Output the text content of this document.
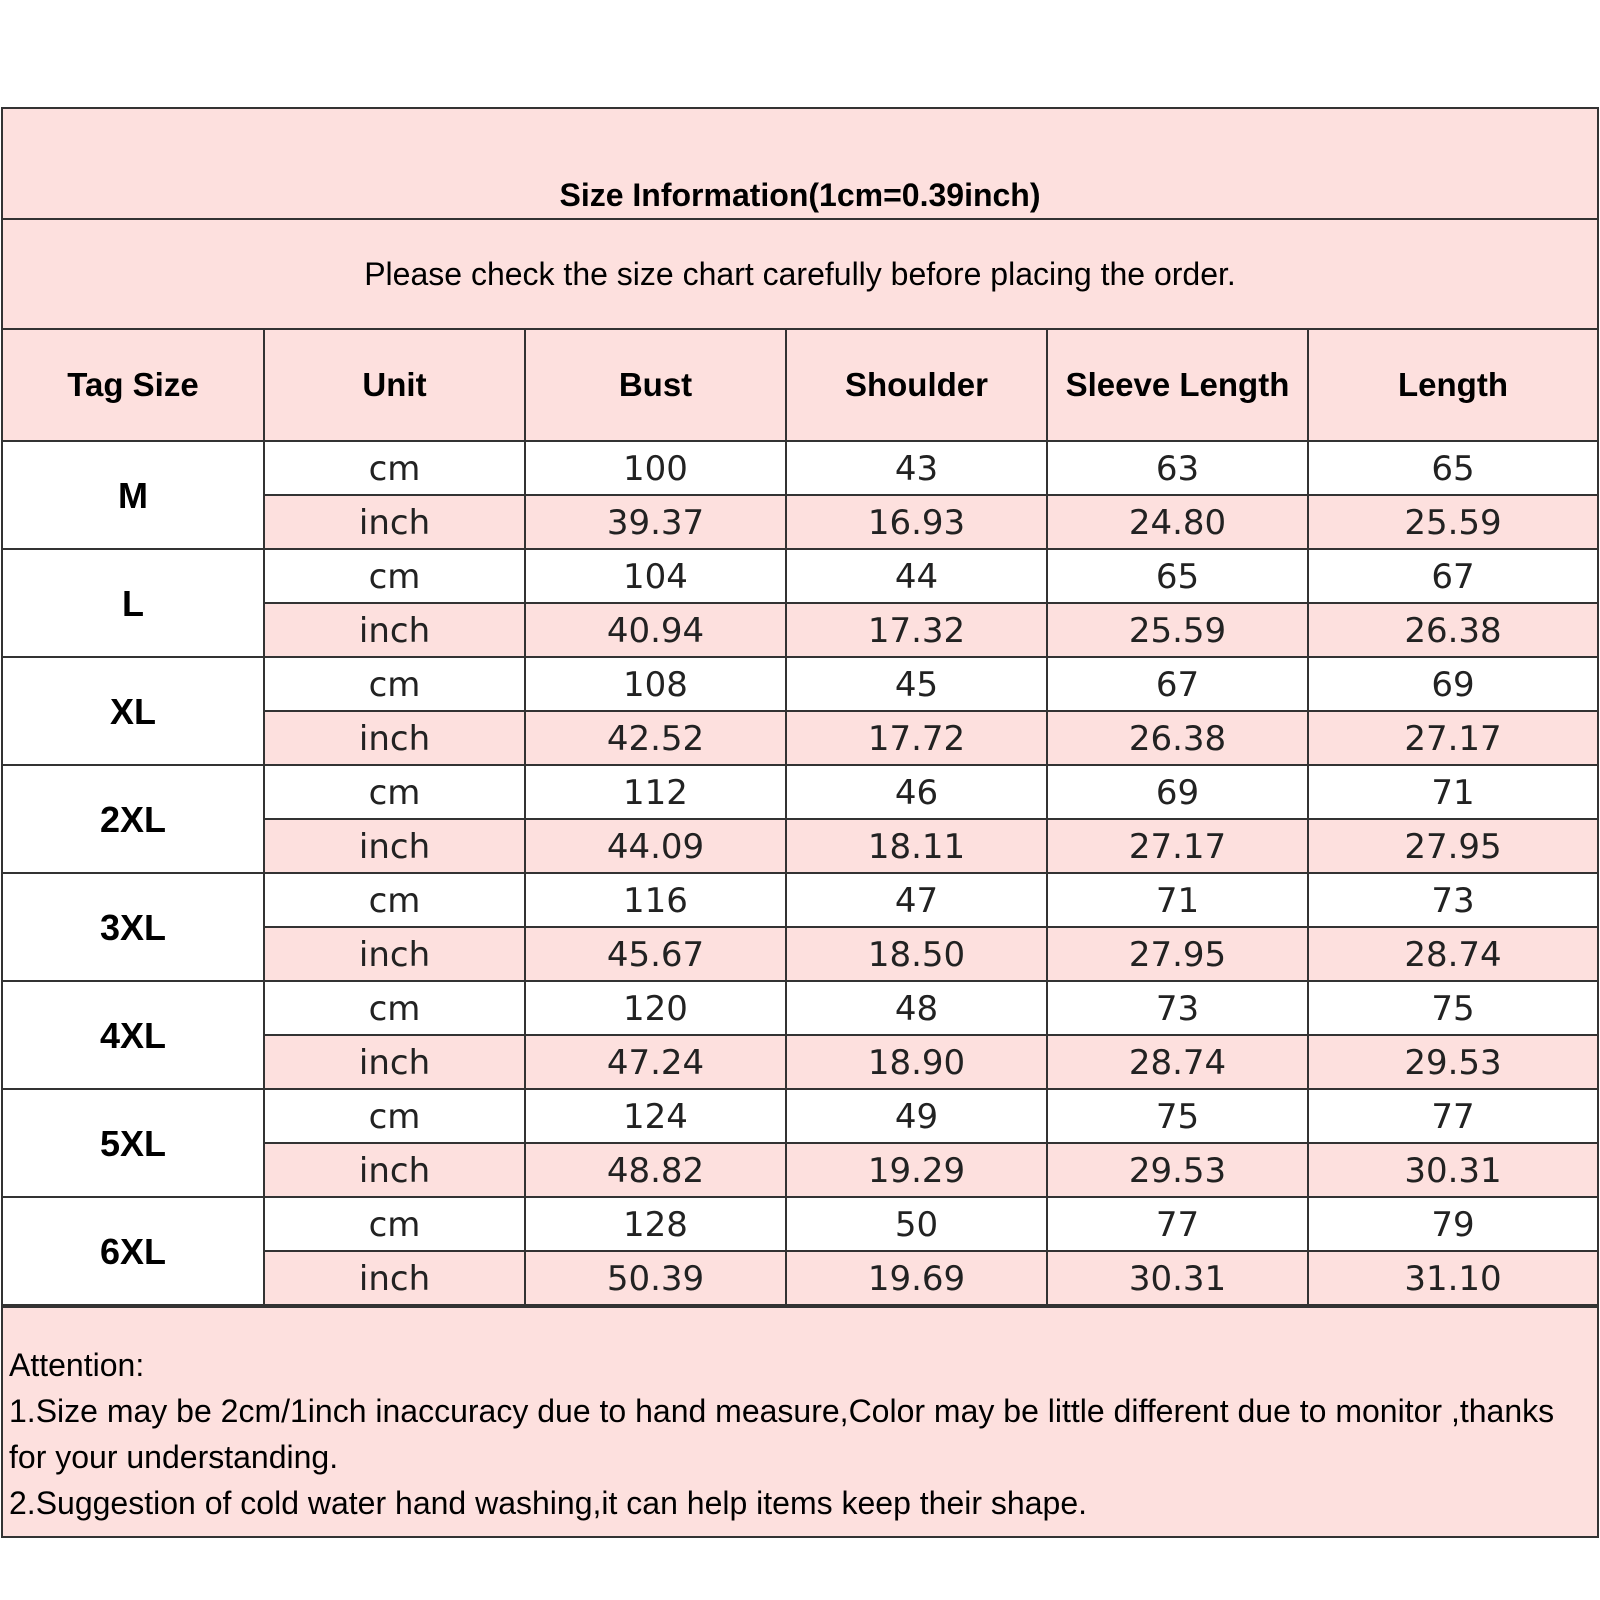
Size Information(1cm=0.39inch)
Please check the size chart carefully before placing the order.
Tag Size	Unit	Bust	Shoulder	Sleeve Length	Length
M	cm	100	43	63	65
	inch	39.37	16.93	24.80	25.59
L	cm	104	44	65	67
	inch	40.94	17.32	25.59	26.38
XL	cm	108	45	67	69
	inch	42.52	17.72	26.38	27.17
2XL	cm	112	46	69	71
	inch	44.09	18.11	27.17	27.95
3XL	cm	116	47	71	73
	inch	45.67	18.50	27.95	28.74
4XL	cm	120	48	73	75
	inch	47.24	18.90	28.74	29.53
5XL	cm	124	49	75	77
	inch	48.82	19.29	29.53	30.31
6XL	cm	128	50	77	79
	inch	50.39	19.69	30.31	31.10
Attention:
1.Size may be 2cm/1inch inaccuracy due to hand measure,Color may be little different due to monitor ,thanks for your understanding.
2.Suggestion of cold water hand washing,it can help items keep their shape.
